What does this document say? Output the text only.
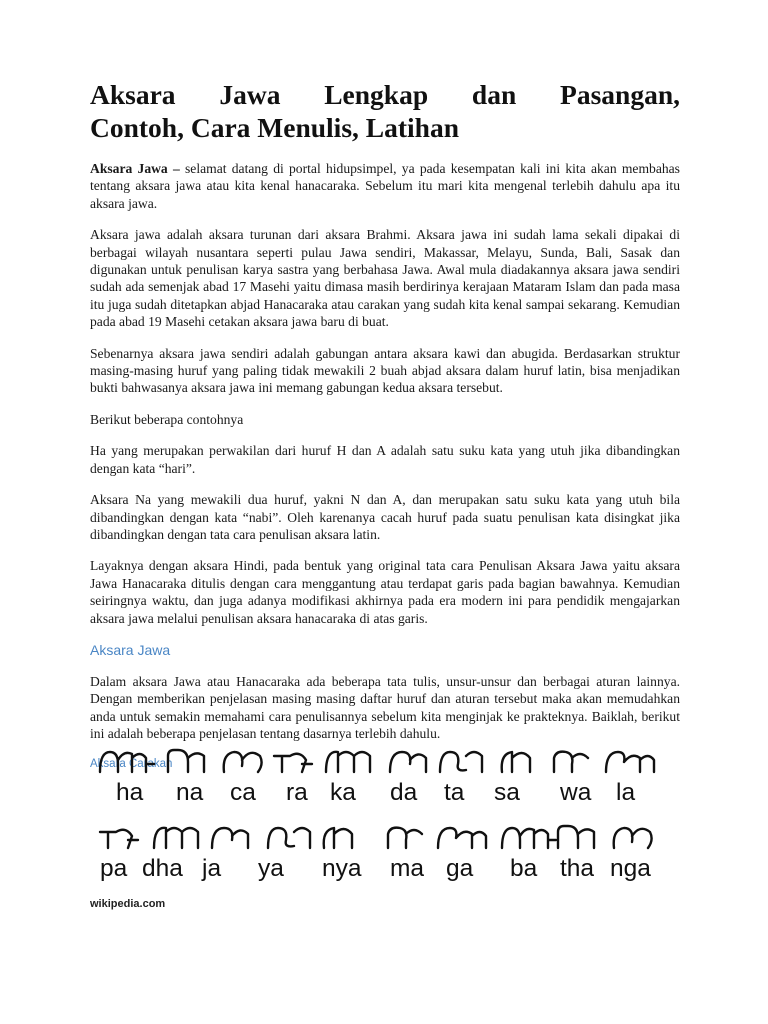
Aksara Jawa Lengkap dan Pasangan,
Contoh, Cara Menulis, Latihan

Aksara Jawa – selamat datang di portal hidupsimpel, ya pada kesempatan kali ini kita akan membahas tentang aksara jawa atau kita kenal hanacaraka. Sebelum itu mari kita mengenal terlebih dahulu apa itu aksara jawa.

Aksara jawa adalah aksara turunan dari aksara Brahmi. Aksara jawa ini sudah lama sekali dipakai di berbagai wilayah nusantara seperti pulau Jawa sendiri, Makassar, Melayu, Sunda, Bali, Sasak dan digunakan untuk penulisan karya sastra yang berbahasa Jawa. Awal mula diadakannya aksara jawa sendiri sudah ada semenjak abad 17 Masehi yaitu dimasa masih berdirinya kerajaan Mataram Islam dan pada masa itu juga sudah ditetapkan abjad Hanacaraka atau carakan yang sudah kita kenal sampai sekarang. Kemudian pada abad 19 Masehi cetakan aksara jawa baru di buat.

Sebenarnya aksara jawa sendiri adalah gabungan antara aksara kawi dan abugida. Berdasarkan struktur masing-masing huruf yang paling tidak mewakili 2 buah abjad aksara dalam huruf latin, bisa menjadikan bukti bahwasanya aksara jawa ini memang gabungan kedua aksara tersebut.

Berikut beberapa contohnya

Ha yang merupakan perwakilan dari huruf H dan A adalah satu suku kata yang utuh jika dibandingkan dengan kata “hari”.

Aksara Na yang mewakili dua huruf, yakni N dan A, dan merupakan satu suku kata yang utuh bila dibandingkan dengan kata “nabi”. Oleh karenanya cacah huruf pada suatu penulisan kata disingkat jika dibandingkan dengan tata cara penulisan aksara latin.

Layaknya dengan aksara Hindi, pada bentuk yang original tata cara Penulisan Aksara Jawa yaitu aksara Jawa Hanacaraka ditulis dengan cara menggantung atau terdapat garis pada bagian bawahnya. Kemudian seiringnya waktu, dan juga adanya modifikasi akhirnya pada era modern ini para pendidik mengajarkan aksara jawa melalui penulisan aksara hanacaraka di atas garis.

Aksara Jawa

Dalam aksara Jawa atau Hanacaraka ada beberapa tata tulis, unsur-unsur dan berbagai aturan lainnya. Dengan memberikan penjelasan masing masing daftar huruf dan aturan tersebut maka akan memudahkan anda untuk semakin memahami cara penulisannya sebelum kita menginjak ke prakteknya. Baiklah, berikut ini adalah beberapa penjelasan tentang dasarnya terlebih dahulu.

Aksara Carakan
ha na ca ra ka da ta sa wa la
pa dha ja ya nya ma ga ba tha nga
wikipedia.com
